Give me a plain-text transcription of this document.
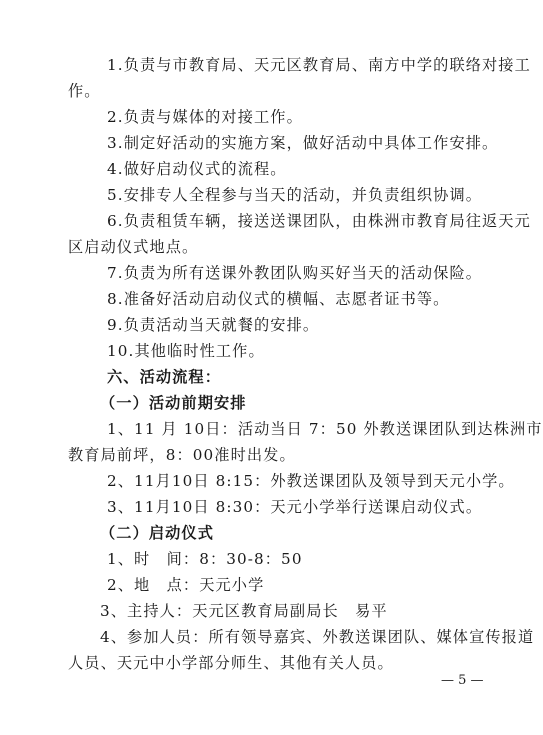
1.负责与市教育局、天元区教育局、南方中学的联络对接工
作。
2.负责与媒体的对接工作。
3.制定好活动的实施方案，做好活动中具体工作安排。
4.做好启动仪式的流程。
5.安排专人全程参与当天的活动，并负责组织协调。
6.负责租赁车辆，接送送课团队，由株洲市教育局往返天元
区启动仪式地点。
7.负责为所有送课外教团队购买好当天的活动保险。
8.准备好活动启动仪式的横幅、志愿者证书等。
9.负责活动当天就餐的安排。
10.其他临时性工作。
六、活动流程：
（一）活动前期安排
1、11 月 10日：活动当日 7：50 外教送课团队到达株洲市
教育局前坪，8：00准时出发。
2、11月10日 8:15：外教送课团队及领导到天元小学。
3、11月10日 8:30：天元小学举行送课启动仪式。
（二）启动仪式
1、时　间：8：30-8：50
2、地　点：天元小学
3、主持人：天元区教育局副局长　易平
4、参加人员：所有领导嘉宾、外教送课团队、媒体宣传报道
人员、天元中小学部分师生、其他有关人员。
— 5 —
